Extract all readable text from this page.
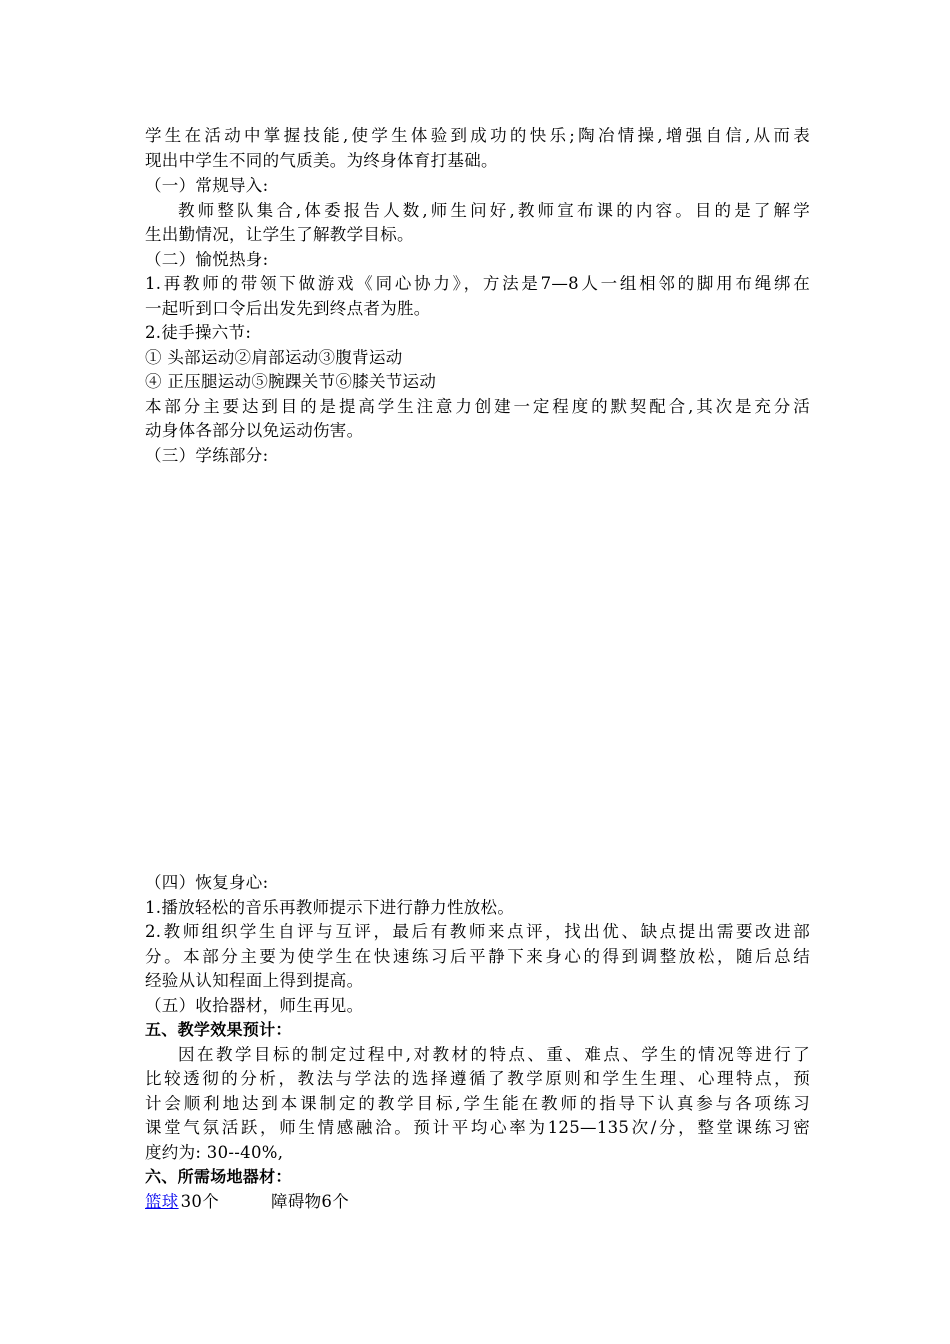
学生在活动中掌握技能,使学生体验到成功的快乐;陶冶情操,增强自信,从而表
现出中学生不同的气质美。为终身体育打基础。
（一）常规导入:
教师整队集合,体委报告人数,师生问好,教师宣布课的内容。目的是了解学
生出勤情况，让学生了解教学目标。
（二）愉悦热身:
1.再教师的带领下做游戏《同心协力》，方法是7—8人一组相邻的脚用布绳绑在
一起听到口令后出发先到终点者为胜。
2.徒手操六节:
① 头部运动②肩部运动③腹背运动
④ 正压腿运动⑤腕踝关节⑥膝关节运动
本部分主要达到目的是提高学生注意力创建一定程度的默契配合,其次是充分活
动身体各部分以免运动伤害。
（三）学练部分:
（四）恢复身心:
1.播放轻松的音乐再教师提示下进行静力性放松。
2.教师组织学生自评与互评，最后有教师来点评，找出优、缺点提出需要改进部
分。本部分主要为使学生在快速练习后平静下来身心的得到调整放松，随后总结
经验从认知程面上得到提高。
（五）收拾器材，师生再见。
五、教学效果预计：
因在教学目标的制定过程中,对教材的特点、重、难点、学生的情况等进行了
比较透彻的分析，教法与学法的选择遵循了教学原则和学生生理、心理特点，预
计会顺利地达到本课制定的教学目标,学生能在教师的指导下认真参与各项练习
课堂气氛活跃，师生情感融洽。预计平均心率为125—135次/分，整堂课练习密
度约为: 30--40%,
六、所需场地器材：
篮球 30个	障碍物6个
